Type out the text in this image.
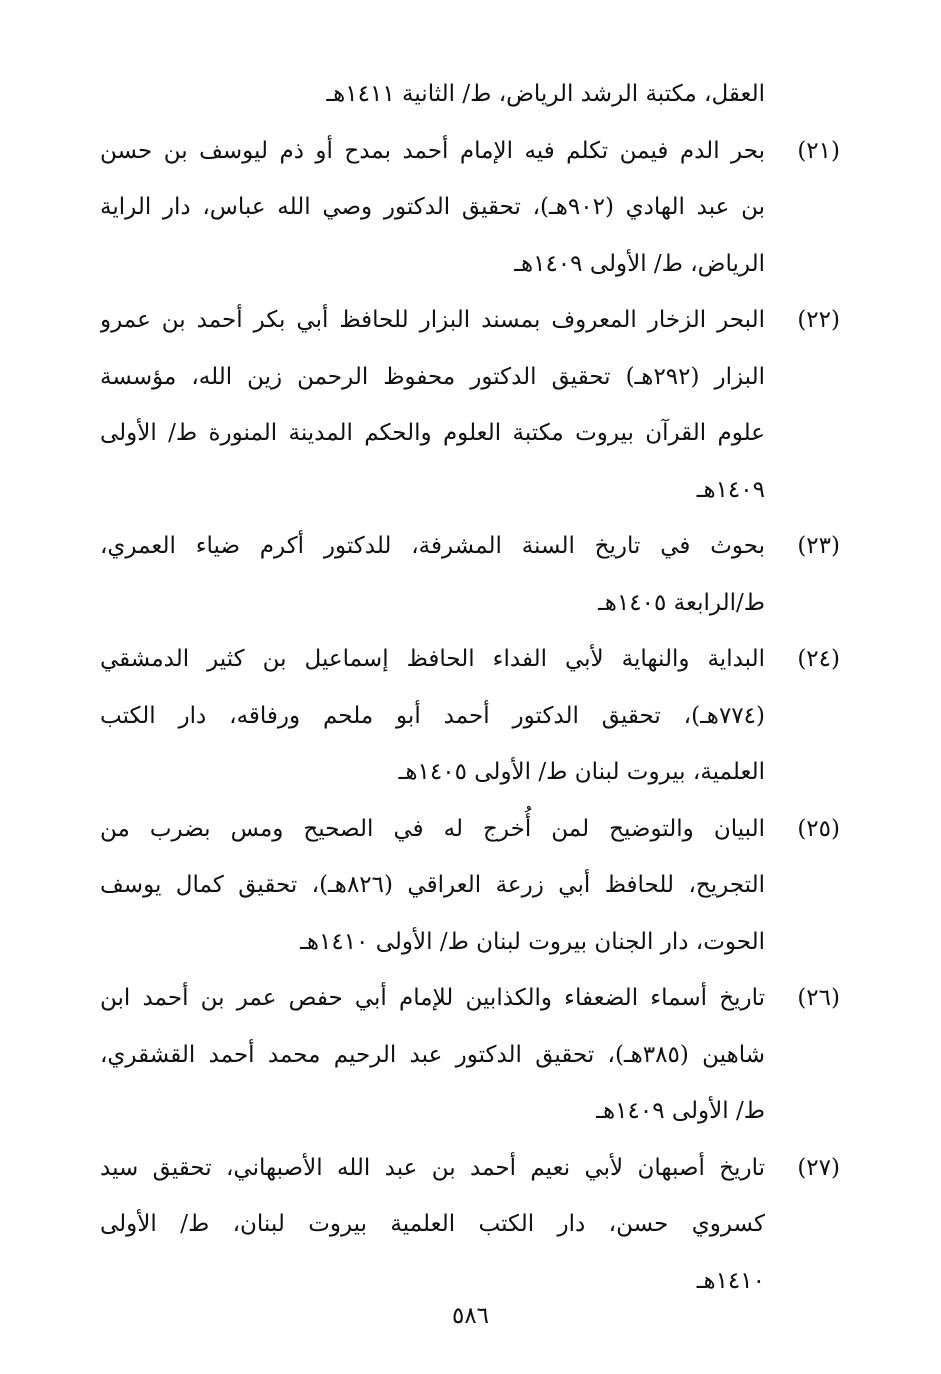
العقل، مكتبة الرشد الرياض، ط/ الثانية ١٤١١هـ
(٢١)بحر الدم فيمن تكلم فيه الإمام أحمد بمدح أو ذم ليوسف بن حسن
بن عبد الهادي (٩٠٢هـ)، تحقيق الدكتور وصي الله عباس، دار الراية
الرياض، ط/ الأولى ١٤٠٩هـ
(٢٢)البحر الزخار المعروف بمسند البزار للحافظ أبي بكر أحمد بن عمرو
البزار (٢٩٢هـ) تحقيق الدكتور محفوظ الرحمن زين الله، مؤسسة
علوم القرآن بيروت مكتبة العلوم والحكم المدينة المنورة ط/ الأولى
١٤٠٩هـ
(٢٣)بحوث في تاريخ السنة المشرفة، للدكتور أكرم ضياء العمري،
ط/الرابعة ١٤٠٥هـ
(٢٤)البداية والنهاية لأبي الفداء الحافظ إسماعيل بن كثير الدمشقي
(٧٧٤هـ)، تحقيق الدكتور أحمد أبو ملحم ورفاقه، دار الكتب
العلمية، بيروت لبنان ط/ الأولى ١٤٠٥هـ
(٢٥)البيان والتوضيح لمن أُخرج له في الصحيح ومس بضرب من
التجريح، للحافظ أبي زرعة العراقي (٨٢٦هـ)، تحقيق كمال يوسف
الحوت، دار الجنان بيروت لبنان ط/ الأولى ١٤١٠هـ
(٢٦)تاريخ أسماء الضعفاء والكذابين للإمام أبي حفص عمر بن أحمد ابن
شاهين (٣٨٥هـ)، تحقيق الدكتور عبد الرحيم محمد أحمد القشقري،
ط/ الأولى ١٤٠٩هـ
(٢٧)تاريخ أصبهان لأبي نعيم أحمد بن عبد الله الأصبهاني، تحقيق سيد
كسروي حسن، دار الكتب العلمية بيروت لبنان، ط/ الأولى
١٤١٠هـ
٥٨٦
